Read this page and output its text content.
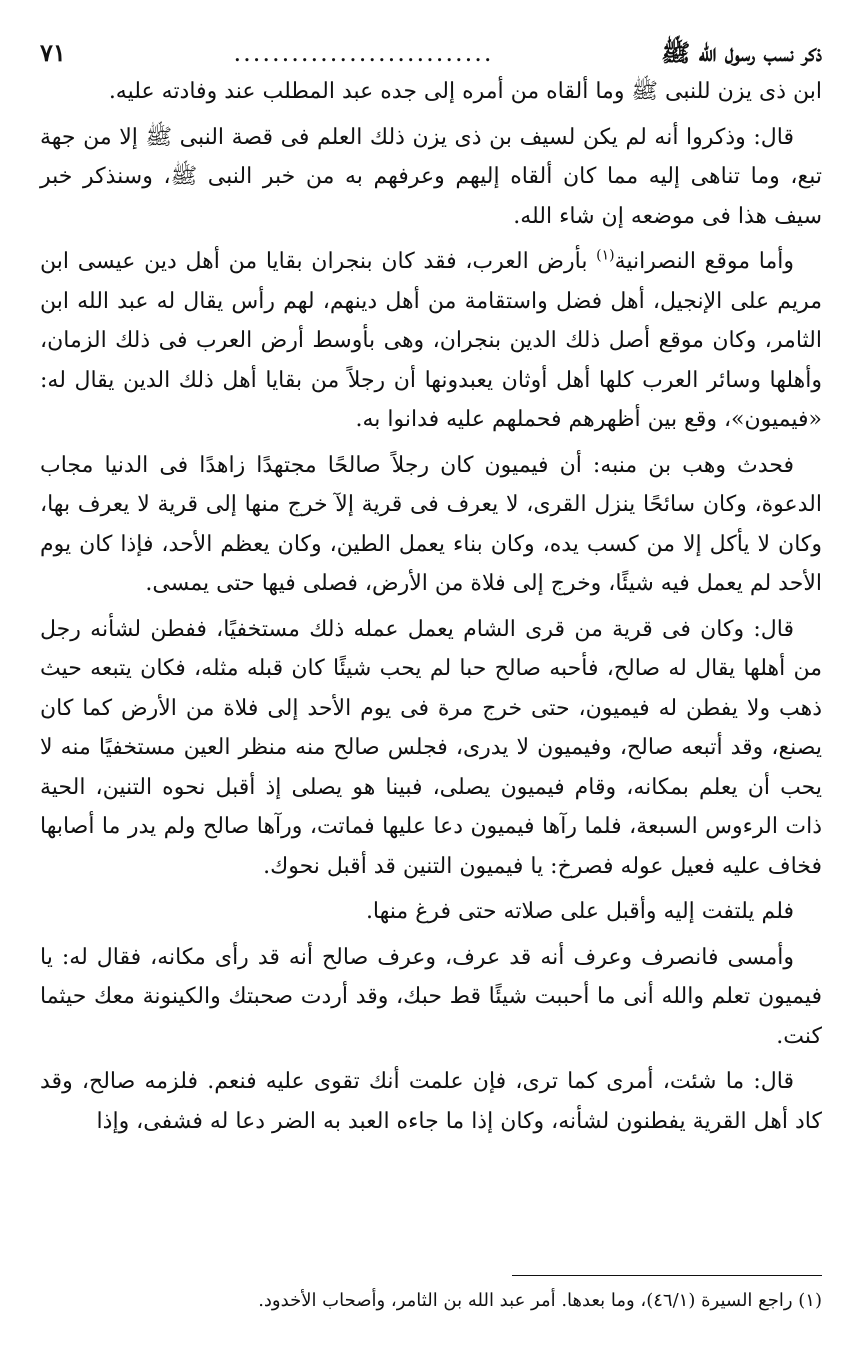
ذكر نسب رسول الله ﷺ
...........................
٧١

ابن ذى يزن للنبى ﷺ وما ألقاه من أمره إلى جده عبد المطلب عند وفادته عليه.

قال: وذكروا أنه لم يكن لسيف بن ذى يزن ذلك العلم فى قصة النبى ﷺ إلا من جهة تبع، وما تناهى إليه مما كان ألقاه إليهم وعرفهم به من خبر النبى ﷺ، وسنذكر خبر سيف هذا فى موضعه إن شاء الله.

وأما موقع النصرانية$^{(١)}$ بأرض العرب، فقد كان بنجران بقايا من أهل دين عيسى ابن مريم على الإنجيل، أهل فضل واستقامة من أهل دينهم، لهم رأس يقال له عبد الله ابن الثامر، وكان موقع أصل ذلك الدين بنجران، وهى بأوسط أرض العرب فى ذلك الزمان، وأهلها وسائر العرب كلها أهل أوثان يعبدونها أن رجلاً من بقايا أهل ذلك الدين يقال له: «فيميون»، وقع بين أظهرهم فحملهم عليه فدانوا به.

فحدث وهب بن منبه: أن فيميون كان رجلاً صالحًا مجتهدًا زاهدًا فى الدنيا مجاب الدعوة، وكان سائحًا ينزل القرى، لا يعرف فى قرية إلآ خرج منها إلى قرية لا يعرف بها، وكان لا يأكل إلا من كسب يده، وكان بناء يعمل الطين، وكان يعظم الأحد، فإذا كان يوم الأحد لم يعمل فيه شيئًا، وخرج إلى فلاة من الأرض، فصلى فيها حتى يمسى.

قال: وكان فى قرية من قرى الشام يعمل عمله ذلك مستخفيًا، ففطن لشأنه رجل من أهلها يقال له صالح، فأحبه صالح حبا لم يحب شيئًا كان قبله مثله، فكان يتبعه حيث ذهب ولا يفطن له فيميون، حتى خرج مرة فى يوم الأحد إلى فلاة من الأرض كما كان يصنع، وقد أتبعه صالح، وفيميون لا يدرى، فجلس صالح منه منظر العين مستخفيًا منه لا يحب أن يعلم بمكانه، وقام فيميون يصلى، فبينا هو يصلى إذ أقبل نحوه التنين، الحية ذات الرءوس السبعة، فلما رآها فيميون دعا عليها فماتت، ورآها صالح ولم يدر ما أصابها فخاف عليه فعيل عوله فصرخ: يا فيميون التنين قد أقبل نحوك.

فلم يلتفت إليه وأقبل على صلاته حتى فرغ منها.

وأمسى فانصرف وعرف أنه قد عرف، وعرف صالح أنه قد رأى مكانه، فقال له: يا فيميون تعلم والله أنى ما أحببت شيئًا قط حبك، وقد أردت صحبتك والكينونة معك حيثما كنت.

قال: ما شئت، أمرى كما ترى، فإن علمت أنك تقوى عليه فنعم. فلزمه صالح، وقد كاد أهل القرية يفطنون لشأنه، وكان إذا ما جاءه العبد به الضر دعا له فشفى، وإذا

(١) راجع السيرة (٤٦/١)، وما بعدها. أمر عبد الله بن الثامر، وأصحاب الأخدود.
